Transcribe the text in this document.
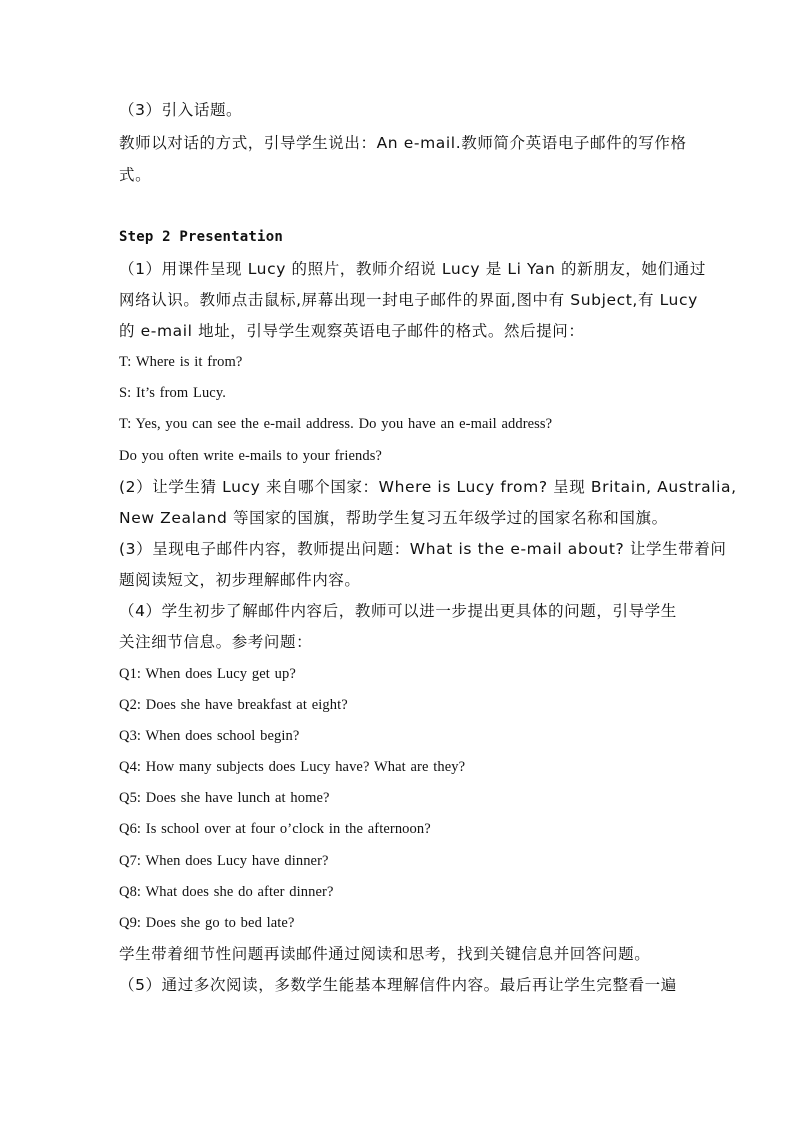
（3）引入话题。
教师以对话的方式，引导学生说出：An e-mail.教师简介英语电子邮件的写作格
式。
Step 2 Presentation
（1）用课件呈现 Lucy 的照片，教师介绍说 Lucy 是 Li Yan 的新朋友，她们通过
网络认识。教师点击鼠标,屏幕出现一封电子邮件的界面,图中有 Subject,有 Lucy
的 e-mail 地址，引导学生观察英语电子邮件的格式。然后提问：
T: Where is it from?
S: It’s from Lucy.
T: Yes, you can see the e-mail address. Do you have an e-mail address?
Do you often write e-mails to your friends?
(2）让学生猜 Lucy 来自哪个国家：Where is Lucy from? 呈现 Britain, Australia,
New Zealand 等国家的国旗，帮助学生复习五年级学过的国家名称和国旗。
(3）呈现电子邮件内容，教师提出问题：What is the e-mail about? 让学生带着问
题阅读短文，初步理解邮件内容。
（4）学生初步了解邮件内容后，教师可以进一步提出更具体的问题，引导学生
关注细节信息。参考问题：
Q1: When does Lucy get up?
Q2: Does she have breakfast at eight?
Q3: When does school begin?
Q4: How many subjects does Lucy have? What are they?
Q5: Does she have lunch at home?
Q6: Is school over at four o’clock in the afternoon?
Q7: When does Lucy have dinner?
Q8: What does she do after dinner?
Q9: Does she go to bed late?
学生带着细节性问题再读邮件通过阅读和思考，找到关键信息并回答问题。
（5）通过多次阅读，多数学生能基本理解信件内容。最后再让学生完整看一遍
